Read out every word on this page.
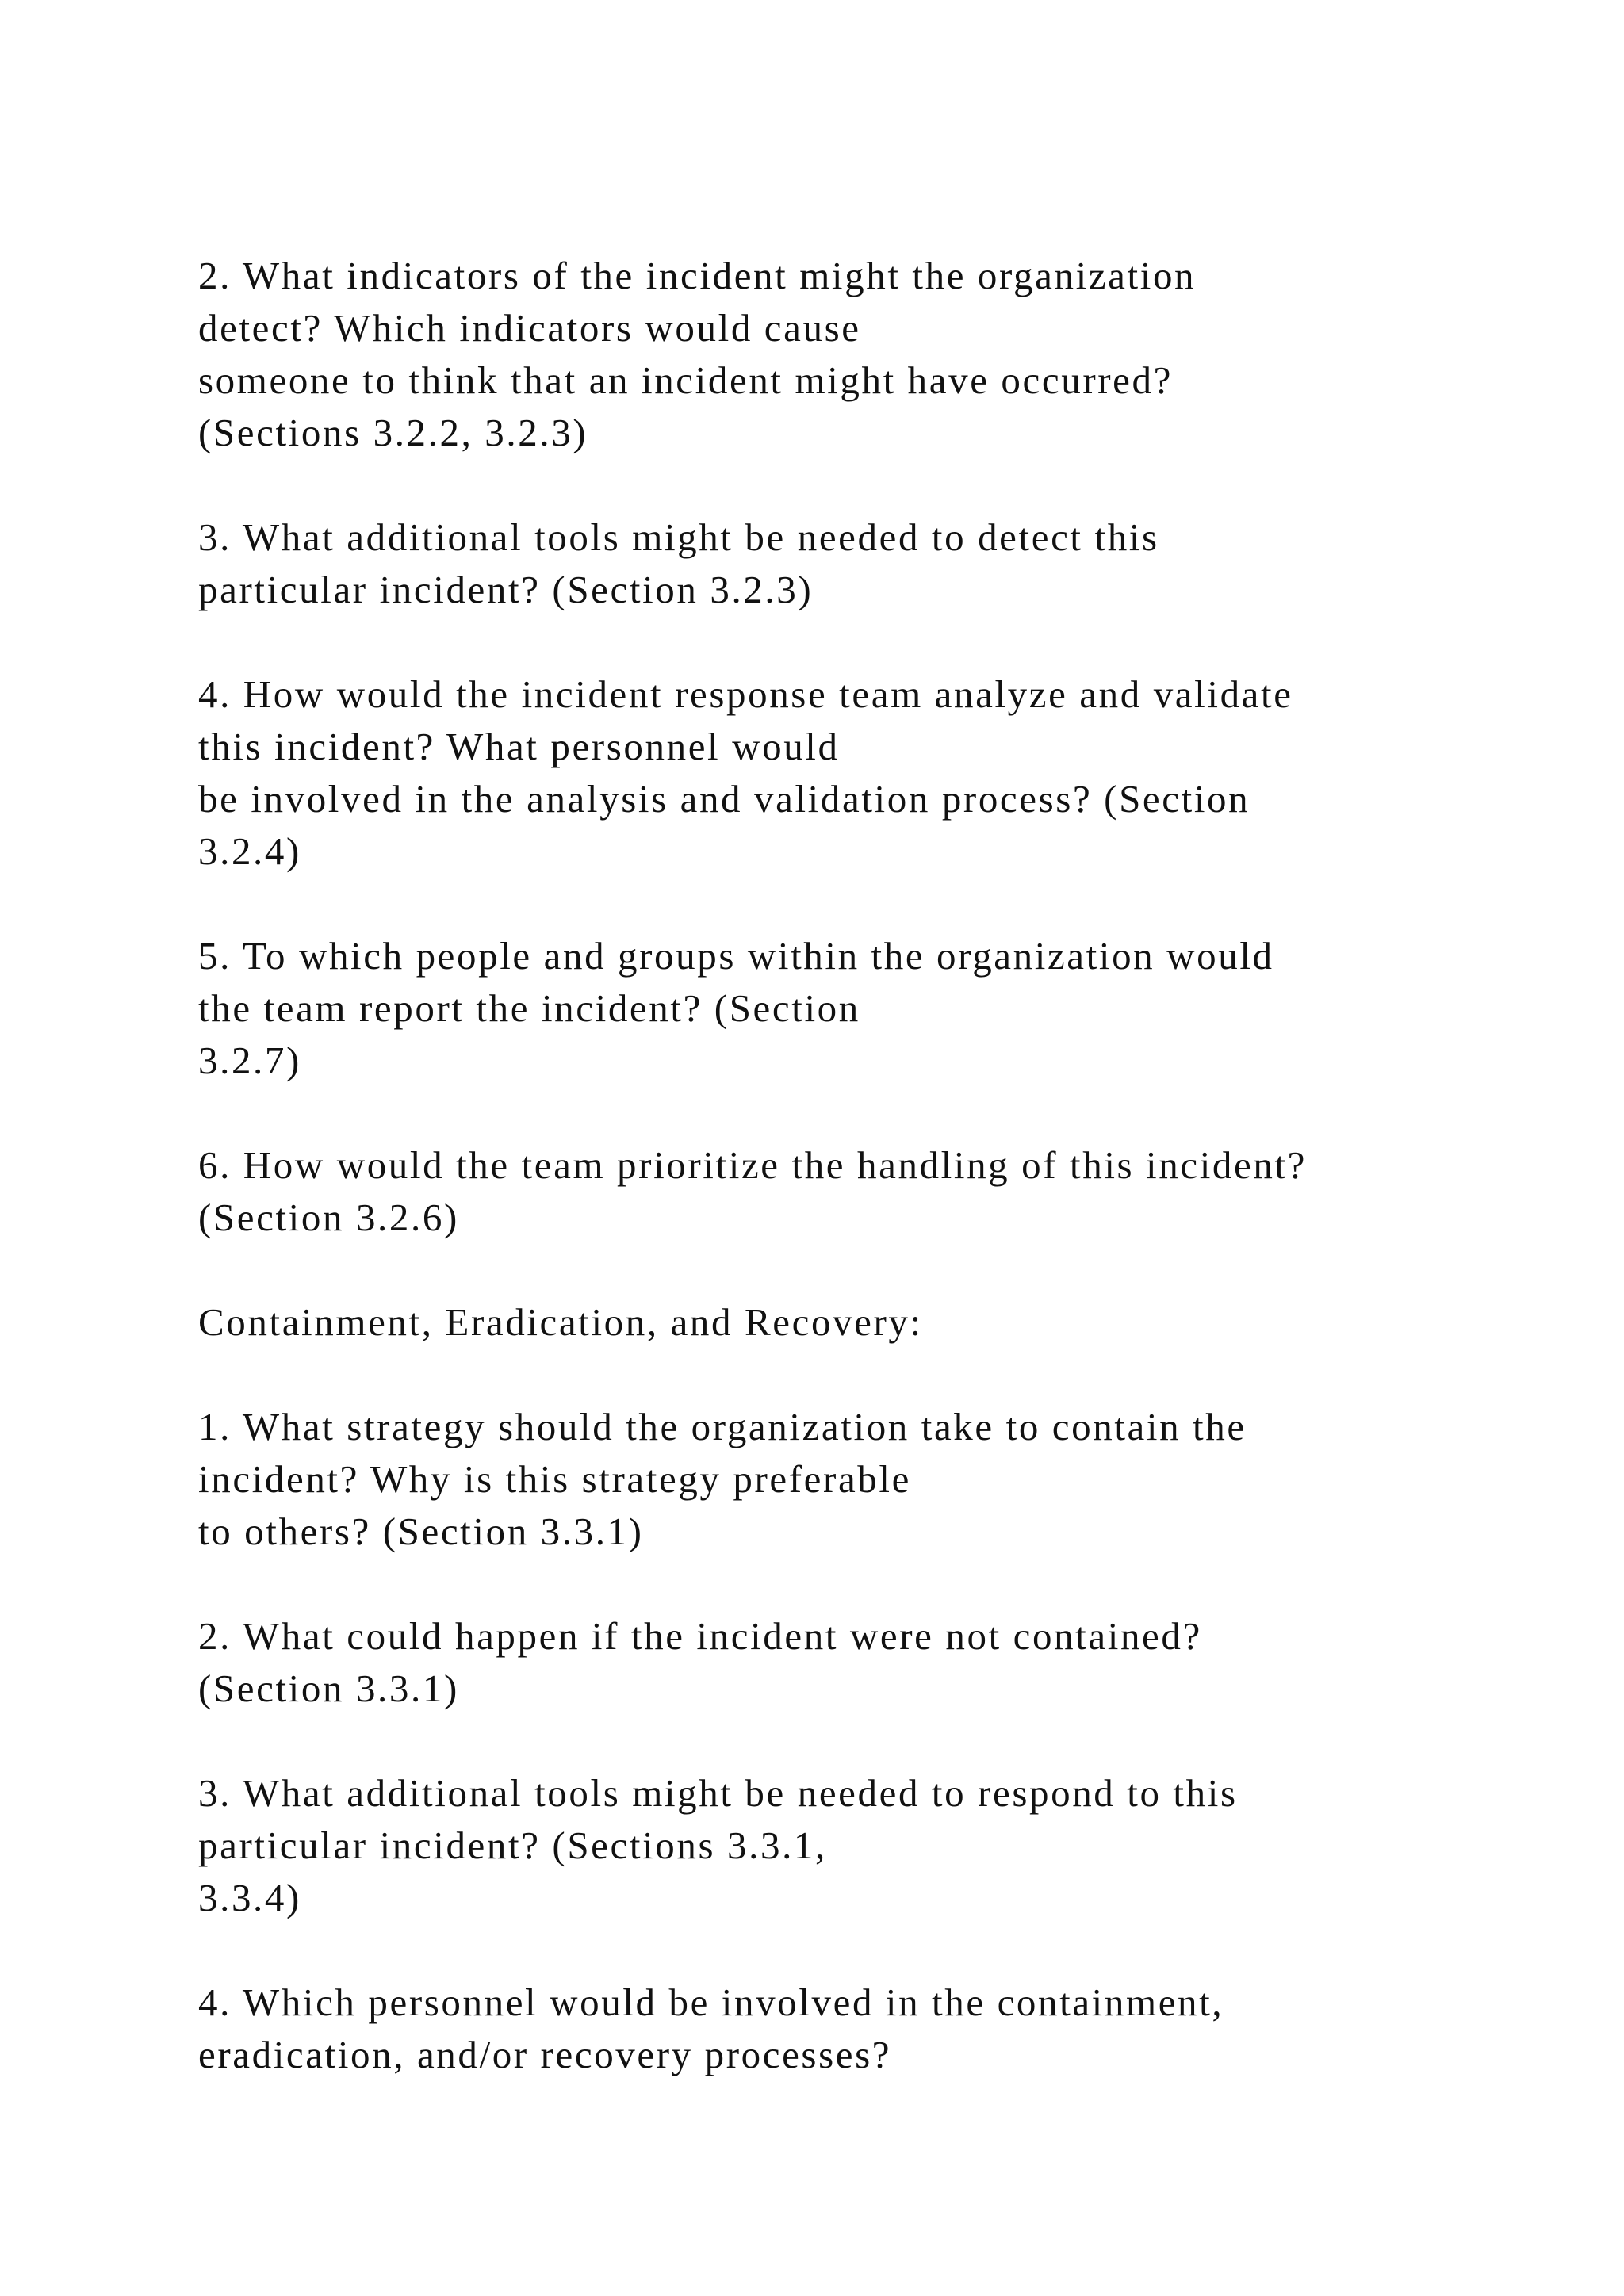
2. What indicators of the incident might the organization
detect? Which indicators would cause
someone to think that an incident might have occurred?
(Sections 3.2.2, 3.2.3)

3. What additional tools might be needed to detect this
particular incident? (Section 3.2.3)

4. How would the incident response team analyze and validate
this incident? What personnel would
be involved in the analysis and validation process? (Section
3.2.4)

5. To which people and groups within the organization would
the team report the incident? (Section
3.2.7)

6. How would the team prioritize the handling of this incident?
(Section 3.2.6)

Containment, Eradication, and Recovery:

1. What strategy should the organization take to contain the
incident? Why is this strategy preferable
to others? (Section 3.3.1)

2. What could happen if the incident were not contained?
(Section 3.3.1)

3. What additional tools might be needed to respond to this
particular incident? (Sections 3.3.1,
3.3.4)

4. Which personnel would be involved in the containment,
eradication, and/or recovery processes?
